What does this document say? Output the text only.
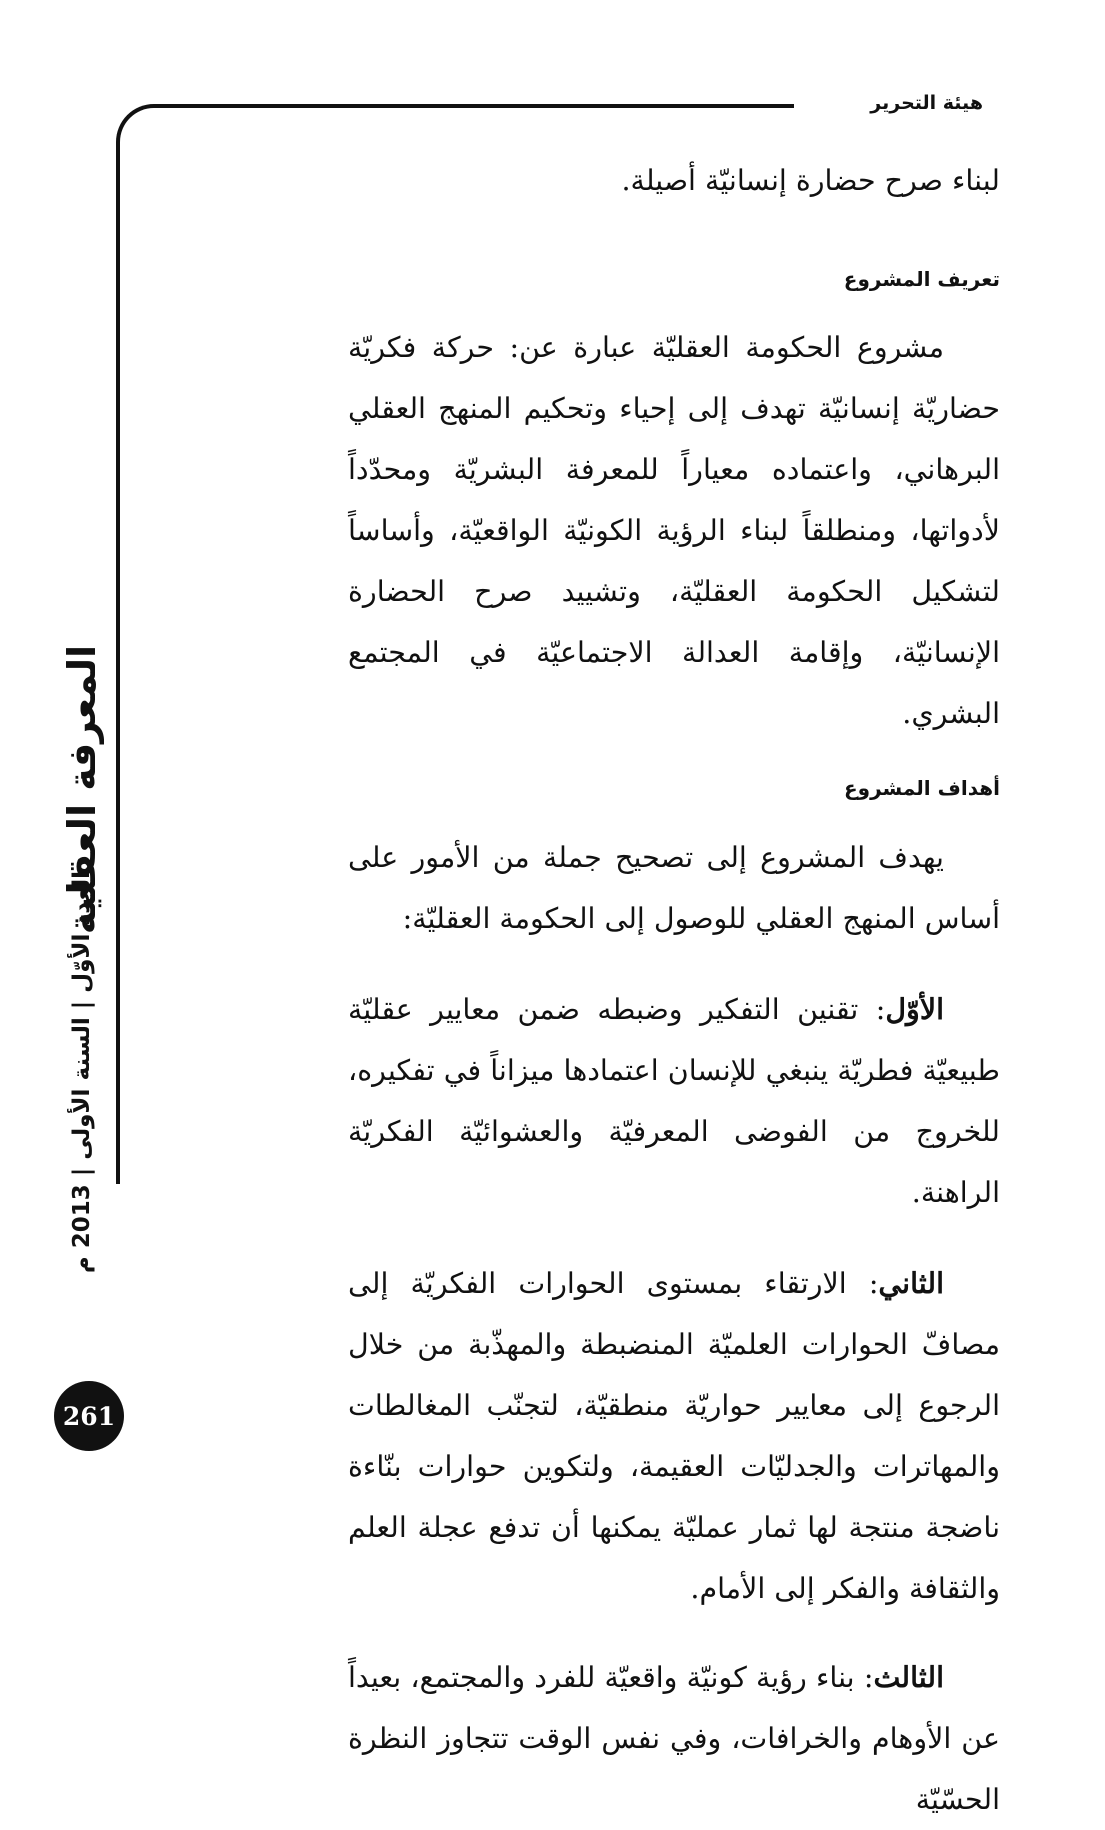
هيئة التحرير
المعرفة العقلية
العدد الأوّل | السنة الأولى | 2013 م
261

لبناء صرح حضارة إنسانيّة أصيلة.

تعريف المشروع

مشروع الحكومة العقليّة عبارة عن: حركة فكريّة حضاريّة إنسانيّة تهدف إلى إحياء وتحكيم المنهج العقلي البرهاني، واعتماده معياراً للمعرفة البشريّة ومحدّداً لأدواتها، ومنطلقاً لبناء الرؤية الكونيّة الواقعيّة، وأساساً لتشكيل الحكومة العقليّة، وتشييد صرح الحضارة الإنسانيّة، وإقامة العدالة الاجتماعيّة في المجتمع البشري.

أهداف المشروع

يهدف المشروع إلى تصحيح جملة من الأمور على أساس المنهج العقلي للوصول إلى الحكومة العقليّة:

الأوّل: تقنين التفكير وضبطه ضمن معايير عقليّة طبيعيّة فطريّة ينبغي للإنسان اعتمادها ميزاناً في تفكيره، للخروج من الفوضى المعرفيّة والعشوائيّة الفكريّة الراهنة.

الثاني: الارتقاء بمستوى الحوارات الفكريّة إلى مصافّ الحوارات العلميّة المنضبطة والمهذّبة من خلال الرجوع إلى معايير حواريّة منطقيّة، لتجنّب المغالطات والمهاترات والجدليّات العقيمة، ولتكوين حوارات بنّاءة ناضجة منتجة لها ثمار عمليّة يمكنها أن تدفع عجلة العلم والثقافة والفكر إلى الأمام.

الثالث: بناء رؤية كونيّة واقعيّة للفرد والمجتمع، بعيداً عن الأوهام والخرافات، وفي نفس الوقت تتجاوز النظرة الحسّيّة
